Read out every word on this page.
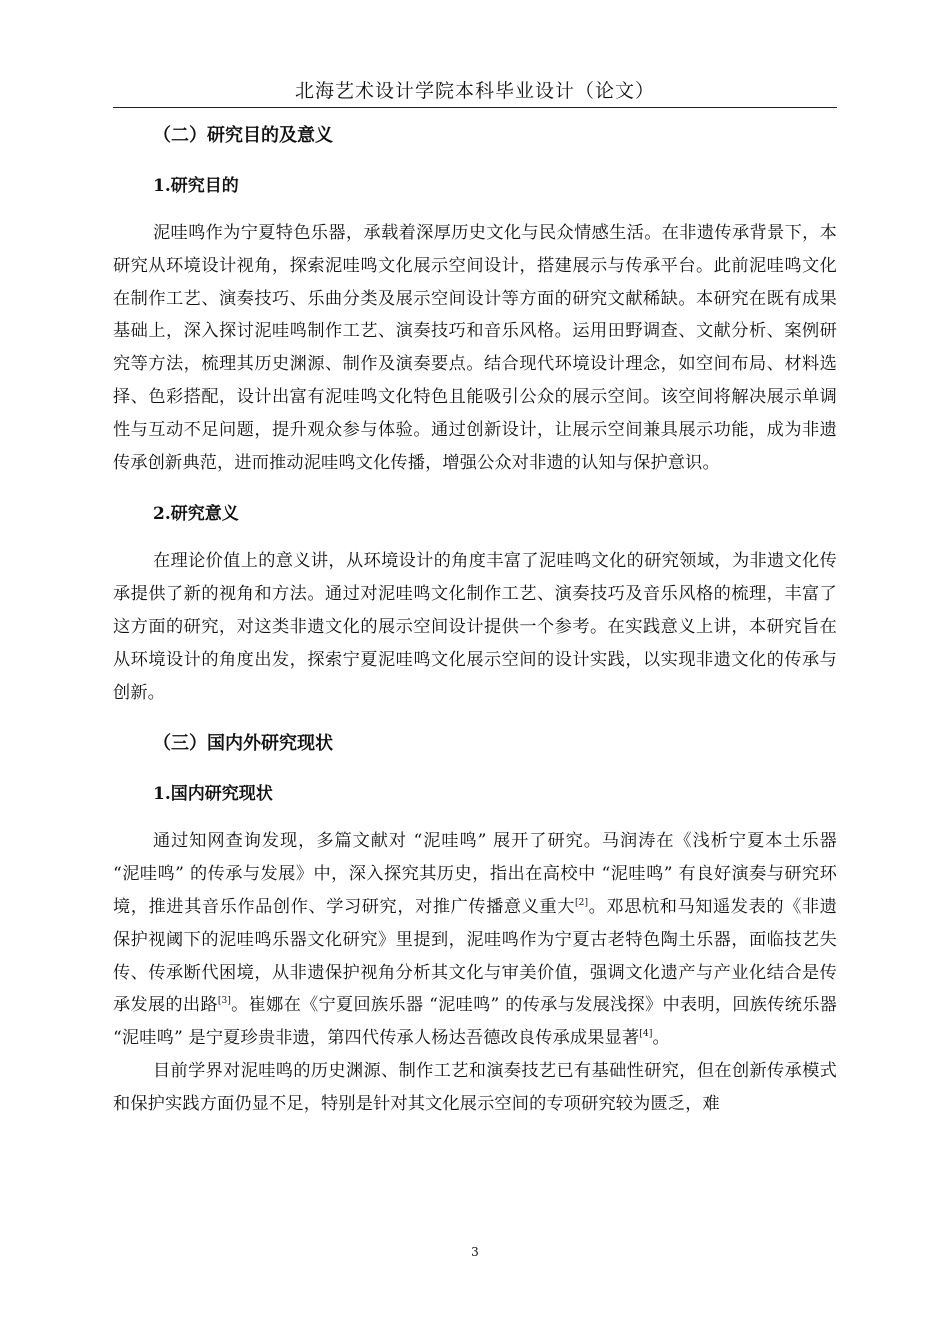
北海艺术设计学院本科毕业设计（论文）
（二）研究目的及意义
1.研究目的

泥哇鸣作为宁夏特色乐器，承载着深厚历史文化与民众情感生活。在非遗传承背景下，本研究从环境设计视角，探索泥哇鸣文化展示空间设计，搭建展示与传承平台。此前泥哇鸣文化在制作工艺、演奏技巧、乐曲分类及展示空间设计等方面的研究文献稀缺。本研究在既有成果基础上，深入探讨泥哇鸣制作工艺、演奏技巧和音乐风格。运用田野调查、文献分析、案例研究等方法，梳理其历史渊源、制作及演奏要点。结合现代环境设计理念，如空间布局、材料选择、色彩搭配，设计出富有泥哇鸣文化特色且能吸引公众的展示空间。该空间将解决展示单调性与互动不足问题，提升观众参与体验。通过创新设计，让展示空间兼具展示功能，成为非遗传承创新典范，进而推动泥哇鸣文化传播，增强公众对非遗的认知与保护意识。

2.研究意义

在理论价值上的意义讲，从环境设计的角度丰富了泥哇鸣文化的研究领域，为非遗文化传承提供了新的视角和方法。通过对泥哇鸣文化制作工艺、演奏技巧及音乐风格的梳理，丰富了这方面的研究，对这类非遗文化的展示空间设计提供一个参考。在实践意义上讲，本研究旨在从环境设计的角度出发，探索宁夏泥哇鸣文化展示空间的设计实践，以实现非遗文化的传承与创新。

（三）国内外研究现状
1.国内研究现状

通过知网查询发现，多篇文献对 “泥哇鸣” 展开了研究。马润涛在《浅析宁夏本土乐器 “泥哇鸣” 的传承与发展》中，深入探究其历史，指出在高校中 “泥哇鸣” 有良好演奏与研究环境，推进其音乐作品创作、学习研究，对推广传播意义重大[2]。邓思杭和马知遥发表的《非遗保护视阈下的泥哇鸣乐器文化研究》里提到，泥哇鸣作为宁夏古老特色陶土乐器，面临技艺失传、传承断代困境，从非遗保护视角分析其文化与审美价值，强调文化遗产与产业化结合是传承发展的出路[3]。崔娜在《宁夏回族乐器 “泥哇鸣” 的传承与发展浅探》中表明，回族传统乐器 “泥哇鸣” 是宁夏珍贵非遗，第四代传承人杨达吾德改良传承成果显著[4]。

目前学界对泥哇鸣的历史渊源、制作工艺和演奏技艺已有基础性研究，但在创新传承模式和保护实践方面仍显不足，特别是针对其文化展示空间的专项研究较为匮乏，难

3
